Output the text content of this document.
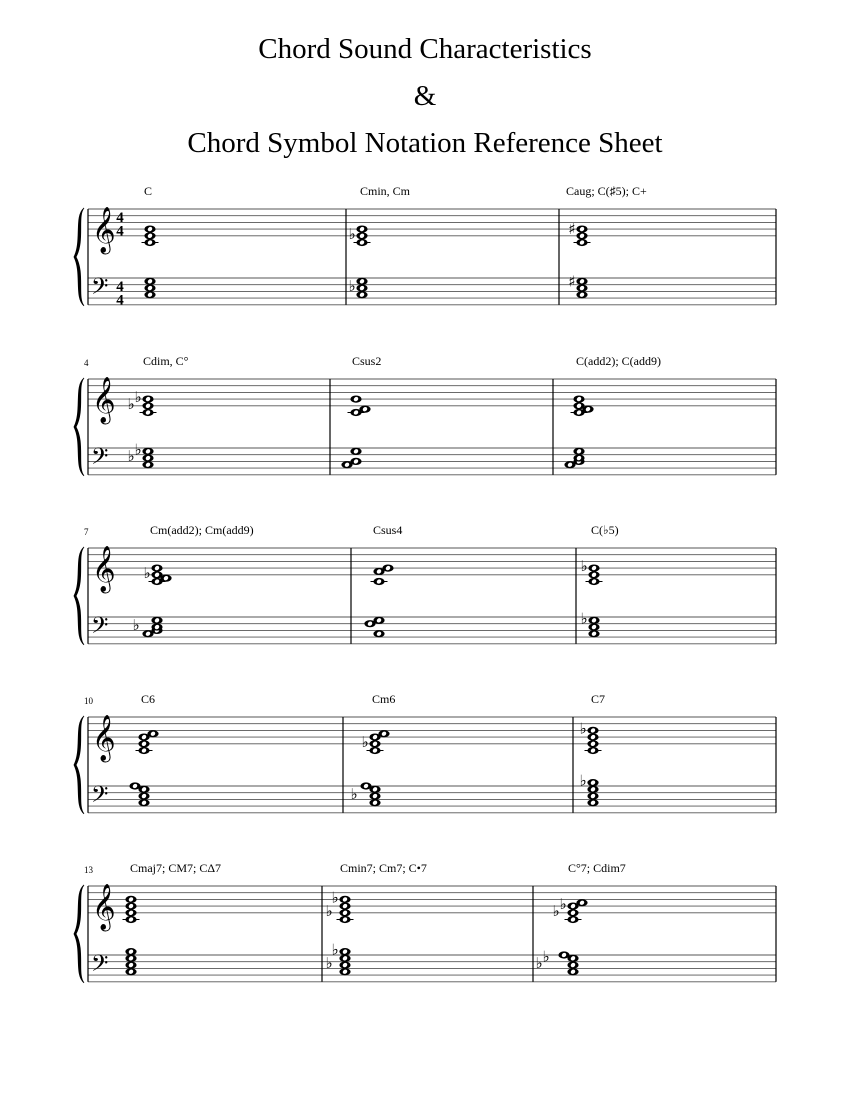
Chord Sound Characteristics
&
Chord Symbol Notation Reference Sheet
𝄞
𝄢
4
4
4
4
C	Cmin, Cm
♭
♭
Caug; C(♯5); C+
♯
♯
𝄞
𝄢
4	Cdim, C°
♭
♭
♭
♭
Csus2	C(add2); C(add9)
𝄞
𝄢
7	Cm(add2); Cm(add9)
♭
♭
Csus4	C(♭5)
♭
♭
𝄞
𝄢
10	C6	Cm6
♭
♭
C7
♭
♭
𝄞
𝄢
13	Cmaj7; CM7; CΔ7	Cmin7; Cm7; C•7
♭
♭
♭
♭
C°7; Cdim7
♭
♭
♭
♭
